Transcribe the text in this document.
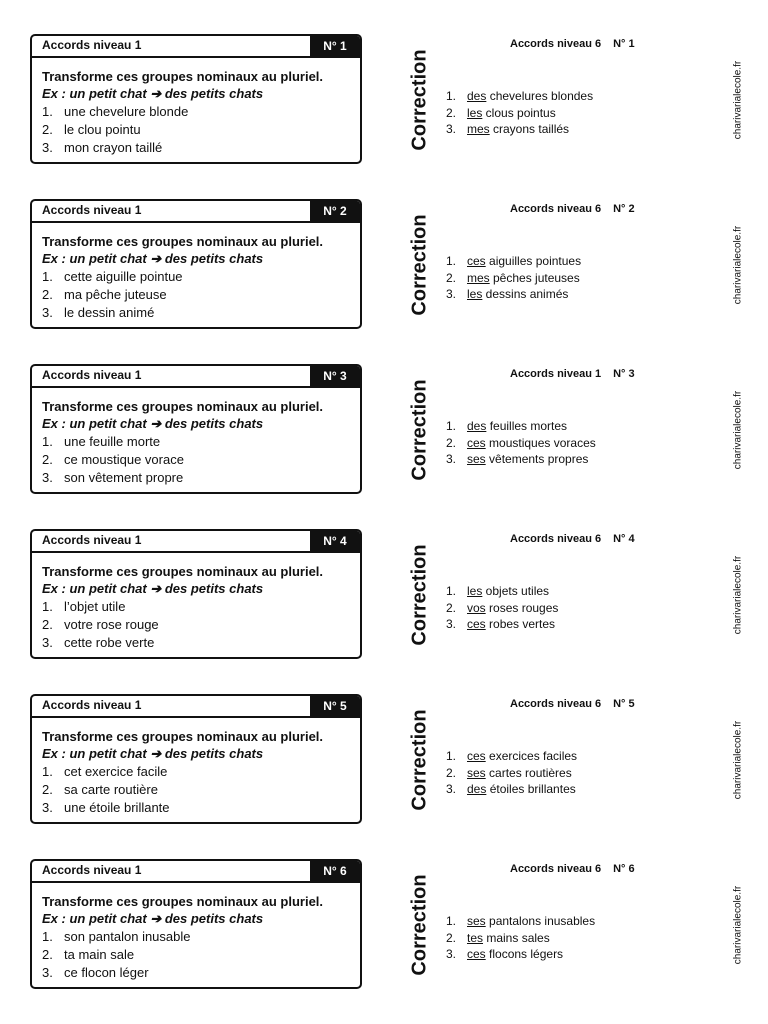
Accords niveau 1	N° 1
Transforme ces groupes nominaux au pluriel.
Ex : un petit chat ➔ des petits chats
1. une chevelure blonde
2. le clou pointu
3. mon crayon taillé	Correction
Accords niveau 6 N° 1
1. des chevelures blondes
2. les clous pointus
3. mes crayons taillés	charivarialecole.fr
Accords niveau 1	N° 2
Transforme ces groupes nominaux au pluriel.
Ex : un petit chat ➔ des petits chats
1. cette aiguille pointue
2. ma pêche juteuse
3. le dessin animé	Correction
Accords niveau 6 N° 2
1. ces aiguilles pointues
2. mes pêches juteuses
3. les dessins animés	charivarialecole.fr
Accords niveau 1	N° 3
Transforme ces groupes nominaux au pluriel.
Ex : un petit chat ➔ des petits chats
1. une feuille morte
2. ce moustique vorace
3. son vêtement propre	Correction
Accords niveau 1 N° 3
1. des feuilles mortes
2. ces moustiques voraces
3. ses vêtements propres	charivarialecole.fr
Accords niveau 1	N° 4
Transforme ces groupes nominaux au pluriel.
Ex : un petit chat ➔ des petits chats
1. l’objet utile
2. votre rose rouge
3. cette robe verte	Correction
Accords niveau 6 N° 4
1. les objets utiles
2. vos roses rouges
3. ces robes vertes	charivarialecole.fr
Accords niveau 1	N° 5
Transforme ces groupes nominaux au pluriel.
Ex : un petit chat ➔ des petits chats
1. cet exercice facile
2. sa carte routière
3. une étoile brillante	Correction
Accords niveau 6 N° 5
1. ces exercices faciles
2. ses cartes routières
3. des étoiles brillantes	charivarialecole.fr
Accords niveau 1	N° 6
Transforme ces groupes nominaux au pluriel.
Ex : un petit chat ➔ des petits chats
1. son pantalon inusable
2. ta main sale
3. ce flocon léger	Correction
Accords niveau 6 N° 6
1. ses pantalons inusables
2. tes mains sales
3. ces flocons légers	charivarialecole.fr
